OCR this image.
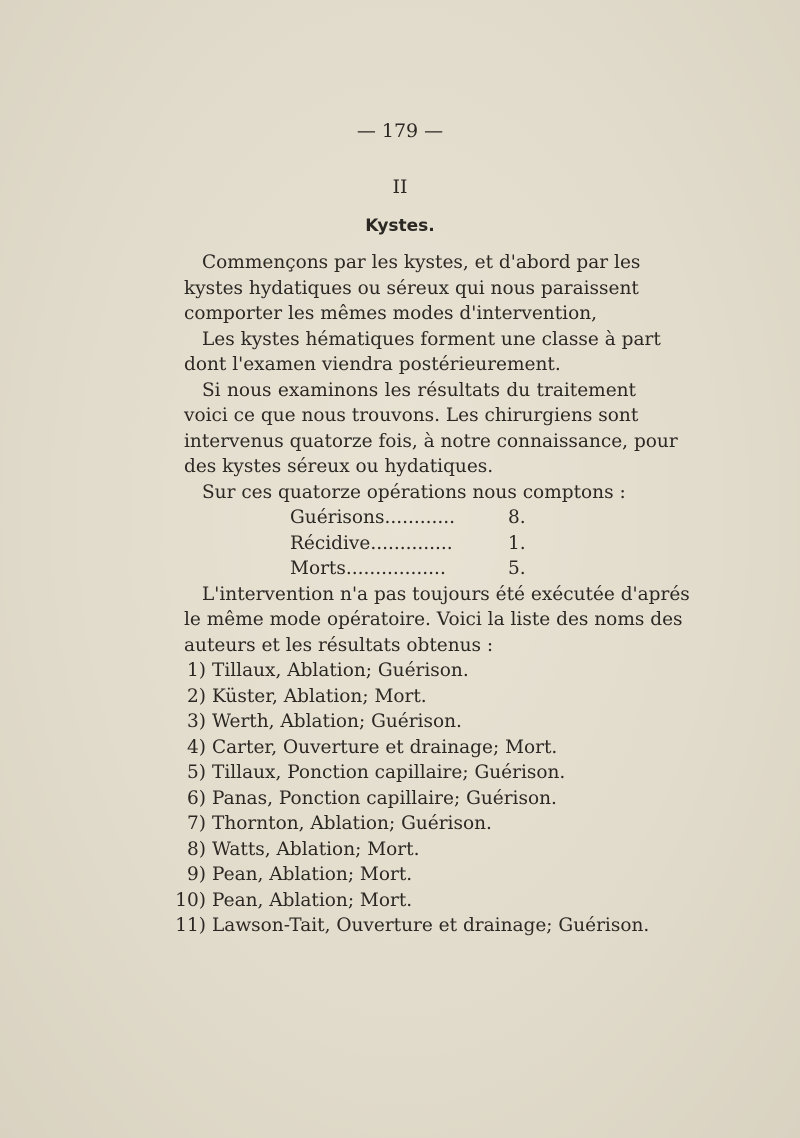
— 179 —
II
Kystes.
Commençons par les kystes, et d'abord par les
kystes hydatiques ou séreux qui nous paraissent
comporter les mêmes modes d'intervention,
Les kystes hématiques forment une classe à part
dont l'examen viendra postérieurement.
Si nous examinons les résultats du traitement
voici ce que nous trouvons. Les chirurgiens sont
intervenus quatorze fois, à notre connaissance, pour
des kystes séreux ou hydatiques.
Sur ces quatorze opérations nous comptons :
Guérisons............	8.
Récidive..............	1.
Morts.................	5.
L'intervention n'a pas toujours été exécutée d'aprés
le même mode opératoire. Voici la liste des noms des
auteurs et les résultats obtenus :
1) Tillaux, Ablation; Guérison.
2) Küster, Ablation; Mort.
3) Werth, Ablation; Guérison.
4) Carter, Ouverture et drainage; Mort.
5) Tillaux, Ponction capillaire; Guérison.
6) Panas, Ponction capillaire; Guérison.
7) Thornton, Ablation; Guérison.
8) Watts, Ablation; Mort.
9) Pean, Ablation; Mort.
10) Pean, Ablation; Mort.
11) Lawson-Tait, Ouverture et drainage; Guérison.
